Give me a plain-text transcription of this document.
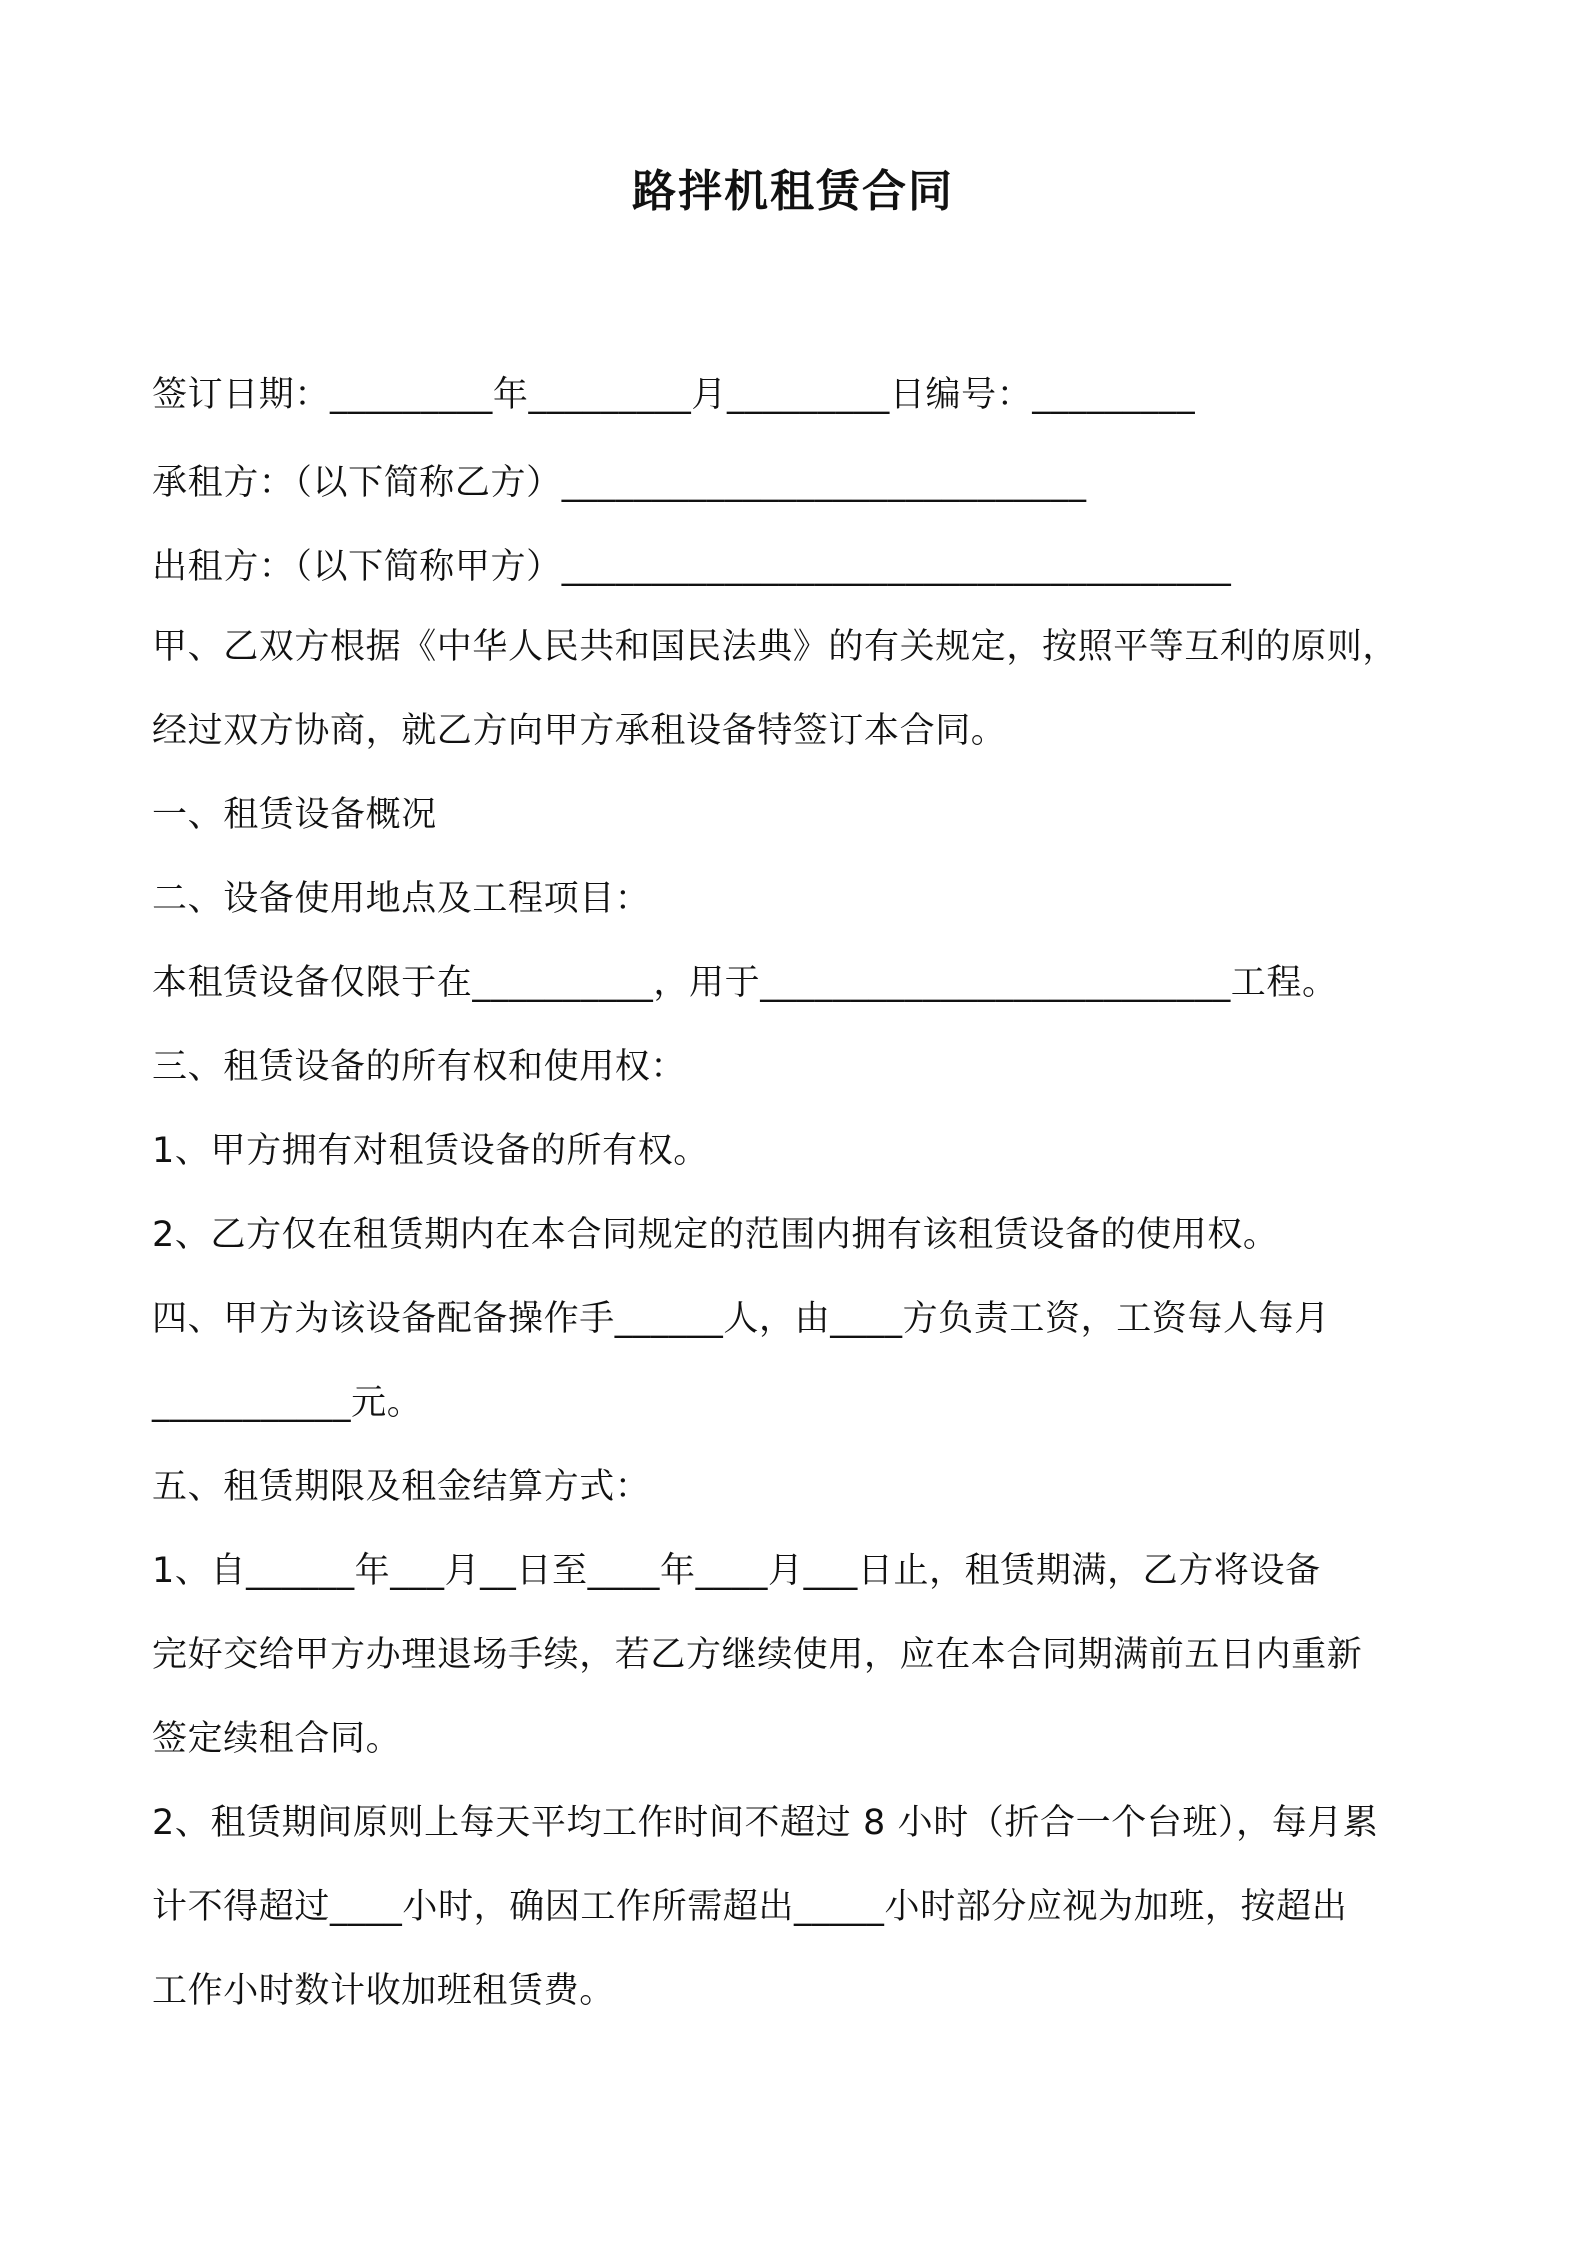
路拌机租赁合同
签订日期：_________年_________月_________日编号：_________
承租方：（以下简称乙方）_____________________________
出租方：（以下简称甲方）_____________________________________
甲、乙双方根据《中华人民共和国民法典》的有关规定，按照平等互利的原则，
经过双方协商，就乙方向甲方承租设备特签订本合同。
一、租赁设备概况
二、设备使用地点及工程项目：
本租赁设备仅限于在__________，用于__________________________工程。
三、租赁设备的所有权和使用权：
1、甲方拥有对租赁设备的所有权。
2、乙方仅在租赁期内在本合同规定的范围内拥有该租赁设备的使用权。
四、甲方为该设备配备操作手______人，由____方负责工资，工资每人每月
___________元。
五、租赁期限及租金结算方式：
1、自______年___月__日至____年____月___日止，租赁期满，乙方将设备
完好交给甲方办理退场手续，若乙方继续使用，应在本合同期满前五日内重新
签定续租合同。
2、租赁期间原则上每天平均工作时间不超过 8 小时（折合一个台班），每月累
计不得超过____小时，确因工作所需超出_____小时部分应视为加班，按超出
工作小时数计收加班租赁费。
